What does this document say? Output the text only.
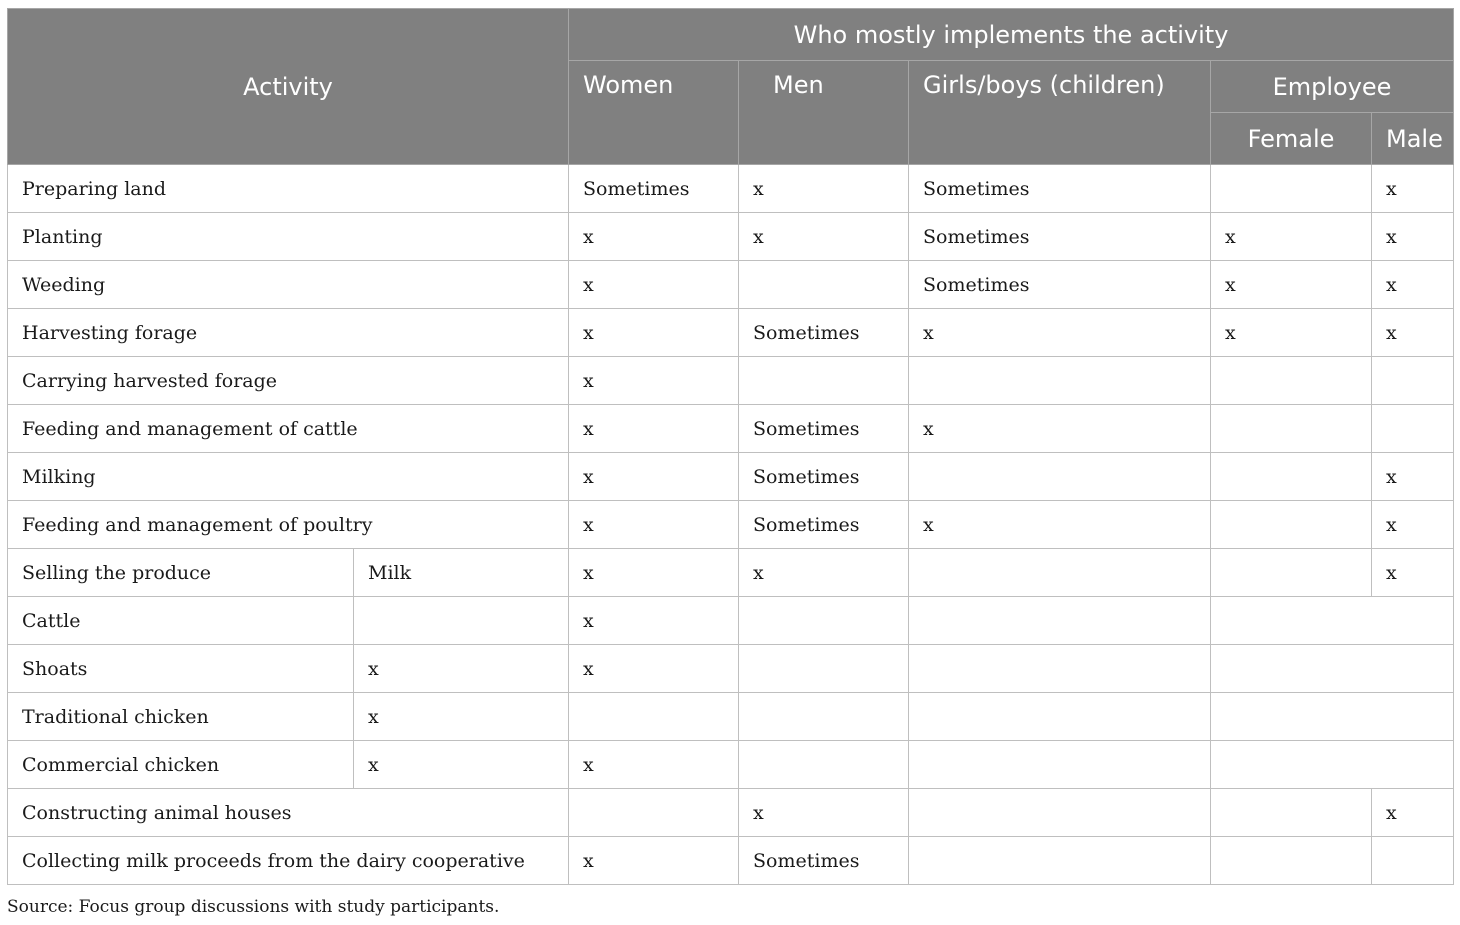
Activity		Who mostly implements the activity				
		Women	Men	Girls/boys (children)	Employee	
					Female	Male
Preparing land		Sometimes	x	Sometimes		x
Planting		x	x	Sometimes	x	x
Weeding		x		Sometimes	x	x
Harvesting forage		x	Sometimes	x	x	x
Carrying harvested forage		x				
Feeding and management of cattle		x	Sometimes	x		
Milking		x	Sometimes			x
Feeding and management of poultry		x	Sometimes	x		x
Selling the produce	Milk	x	x			x
Cattle		x				
Shoats	x	x				
Traditional chicken	x					
Commercial chicken	x	x				
Constructing animal houses			x			x
Collecting milk proceeds from the dairy cooperative		x	Sometimes			
Source: Focus group discussions with study participants.
